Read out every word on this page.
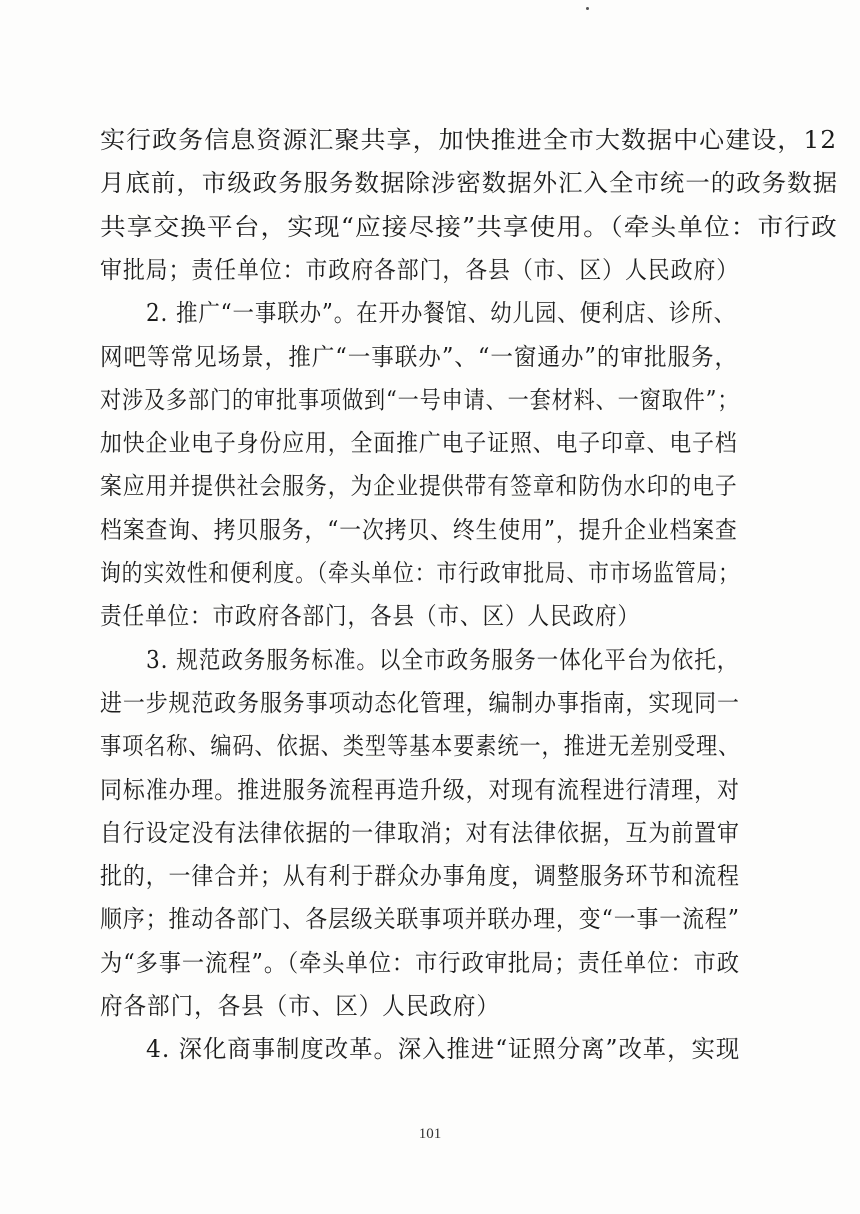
实行政务信息资源汇聚共享，加快推进全市大数据中心建设，12
月底前，市级政务服务数据除涉密数据外汇入全市统一的政务数据
共享交换平台，实现“应接尽接”共享使用。（牵头单位：市行政
审批局；责任单位：市政府各部门，各县（市、区）人民政府）
2. 推广“一事联办”。在开办餐馆、幼儿园、便利店、诊所、
网吧等常见场景，推广“一事联办”、“一窗通办”的审批服务，
对涉及多部门的审批事项做到“一号申请、一套材料、一窗取件”；
加快企业电子身份应用，全面推广电子证照、电子印章、电子档
案应用并提供社会服务，为企业提供带有签章和防伪水印的电子
档案查询、拷贝服务，“一次拷贝、终生使用”，提升企业档案查
询的实效性和便利度。（牵头单位：市行政审批局、市市场监管局；
责任单位：市政府各部门，各县（市、区）人民政府）
3. 规范政务服务标准。以全市政务服务一体化平台为依托，
进一步规范政务服务事项动态化管理，编制办事指南，实现同一
事项名称、编码、依据、类型等基本要素统一，推进无差别受理、
同标准办理。推进服务流程再造升级，对现有流程进行清理，对
自行设定没有法律依据的一律取消；对有法律依据，互为前置审
批的，一律合并；从有利于群众办事角度，调整服务环节和流程
顺序；推动各部门、各层级关联事项并联办理，变“一事一流程”
为“多事一流程”。（牵头单位：市行政审批局；责任单位：市政
府各部门，各县（市、区）人民政府）
4. 深化商事制度改革。深入推进“证照分离”改革，实现
101
